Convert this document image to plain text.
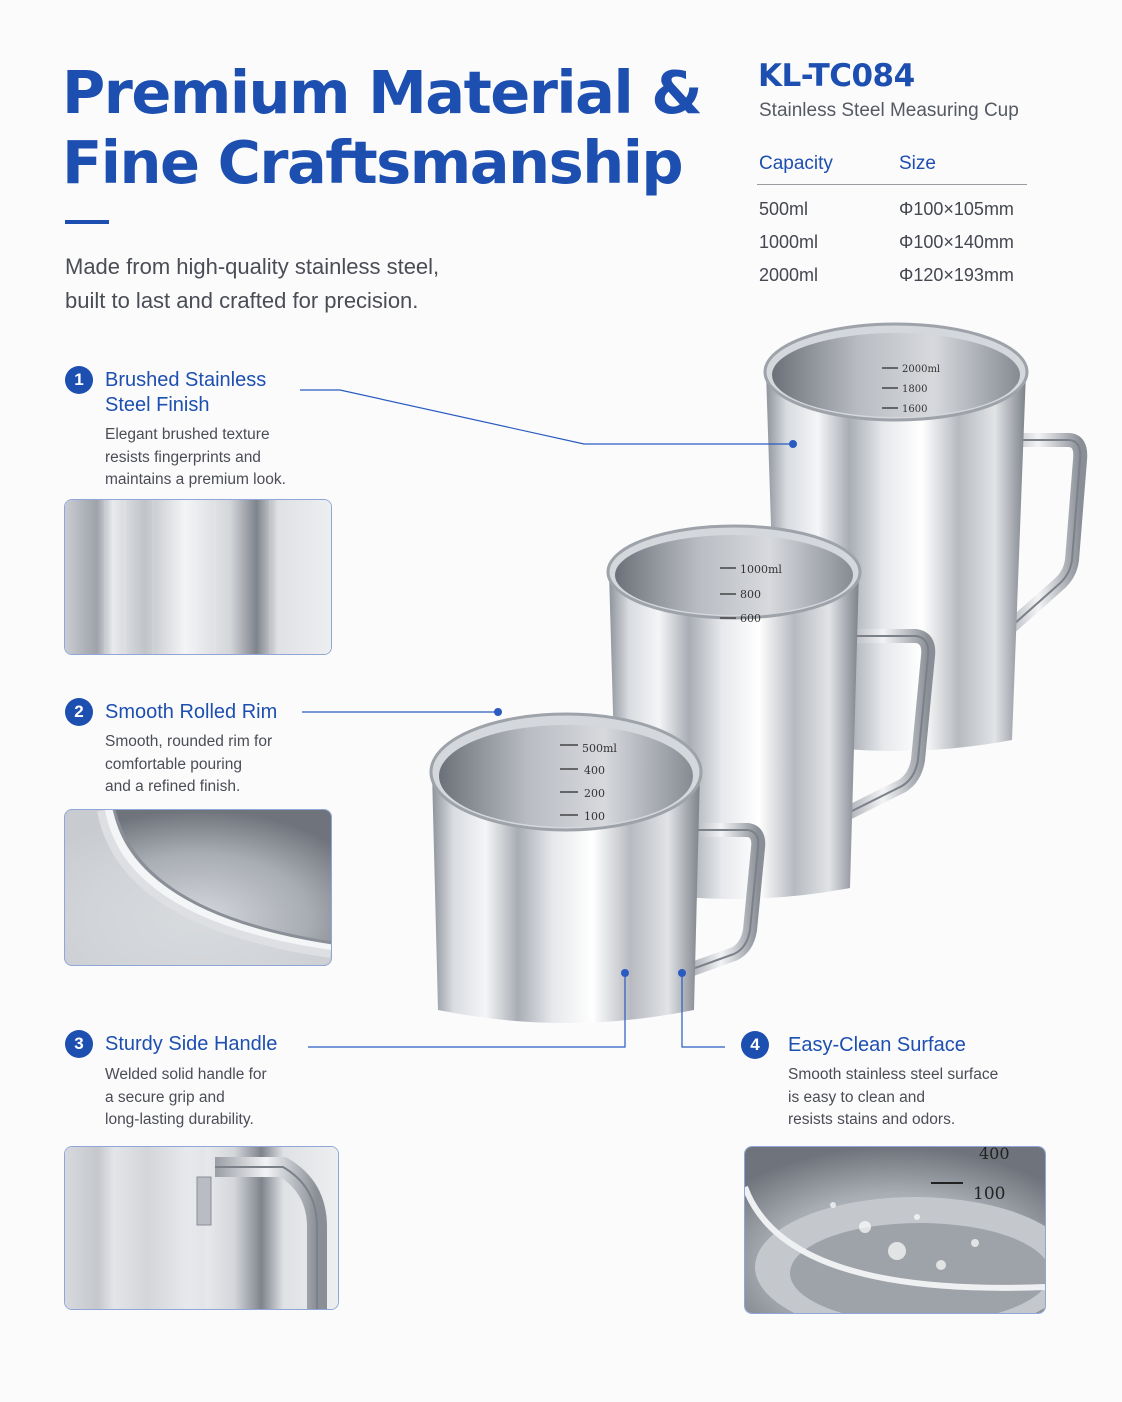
Premium Material &
Fine Craftsmanship

Made from high-quality stainless steel,
built to last and crafted for precision.

KL-TC084
Stainless Steel Measuring Cup
Capacity	Size
500ml	Φ100×105mm
1000ml	Φ100×140mm
2000ml	Φ120×193mm
2000ml
1800
1600
1000ml
800
600
500ml
400
200
100
1	Brushed Stainless
Steel Finish
Elegant brushed texture
resists fingerprints and
maintains a premium look.
2	Smooth Rolled Rim
Smooth, rounded rim for
comfortable pouring
and a refined finish.
3	Sturdy Side Handle
Welded solid handle for
a secure grip and
long-lasting durability.
4	Easy-Clean Surface
Smooth stainless steel surface
is easy to clean and
resists stains and odors.
400
100
